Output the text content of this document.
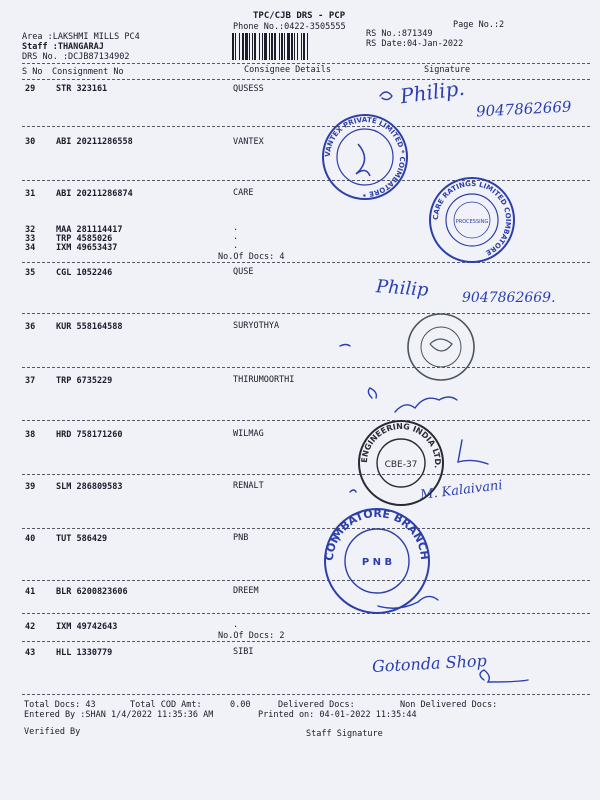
TPC/CJB DRS - PCP
Phone No.:0422-3505555	Page No.:2
Area :LAKSHMI MILLS PC4
Staff :THANGARAJ
DRS No. :DCJB87134902
RS No.:871349
RS Date:04-Jan-2022
S No Consignment No	Consignee Details	Signature
29 STR 323161	QUSESS
30 ABI 20211286558	VANTEX
31 ABI 20211286874	CARE
32 MAA 281114417	.
33 TRP 4585026	.
34 IXM 49653437	.
No.Of Docs: 4
35 CGL 1052246	QUSE
36 KUR 558164588	SURYOTHYA
37 TRP 6735229	THIRUMOORTHI
38 HRD 758171260	WILMAG
39 SLM 286809583	RENALT
40 TUT 586429	PNB
41 BLR 6200823606	DREEM
42 IXM 49742643	.
No.Of Docs: 2
43 HLL 1330779	SIBI
Total Docs: 43	Total COD Amt:	0.00	Delivered Docs:	Non Delivered Docs:
Entered By :SHAN 1/4/2022 11:35:36 AM	Printed on: 04-01-2022 11:35:44
Verified By	Staff Signature
Philip.
9047862669
Philip 9047862669.
M. Kalaivani
Gotonda Shop
VANTEX PRIVATE LIMITED * COIMBATORE *
CARE RATINGS LIMITED COIMBATORE
PROCESSING
ENGINEERING INDIA LTD.
CBE-37
COIMBATORE BRANCH
P N B
